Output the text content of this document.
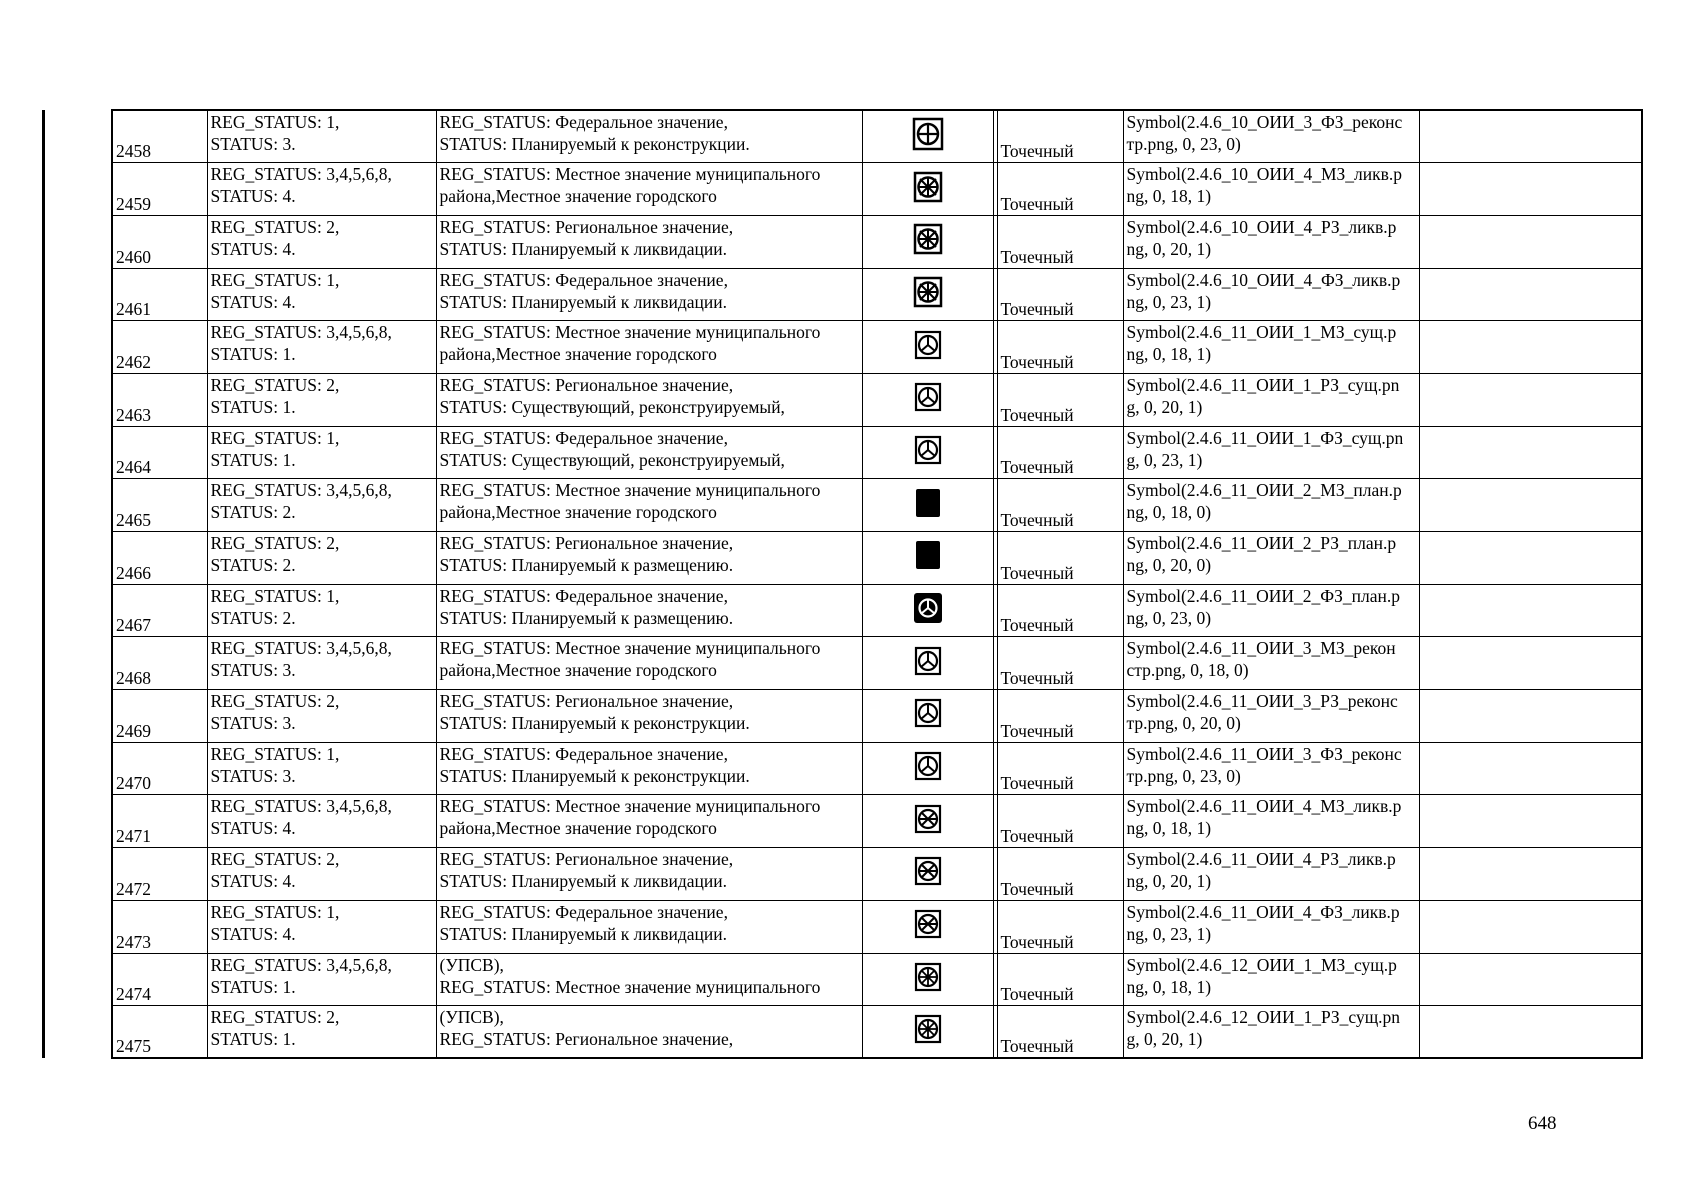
2458	REG_STATUS: 1,
STATUS: 3.	REG_STATUS: Федеральное значение,
STATUS: Планируемый к реконструкции.			Точечный	Symbol(2.4.6_10_ОИИ_3_ФЗ_реконс
тр.png, 0, 23, 0)	

2459	REG_STATUS: 3,4,5,6,8,
STATUS: 4.	REG_STATUS: Местное значение муниципального
района,Местное значение городского			Точечный	Symbol(2.4.6_10_ОИИ_4_МЗ_ликв.p
ng, 0, 18, 1)	

2460	REG_STATUS: 2,
STATUS: 4.	REG_STATUS: Региональное значение,
STATUS: Планируемый к ликвидации.			Точечный	Symbol(2.4.6_10_ОИИ_4_РЗ_ликв.p
ng, 0, 20, 1)	

2461	REG_STATUS: 1,
STATUS: 4.	REG_STATUS: Федеральное значение,
STATUS: Планируемый к ликвидации.			Точечный	Symbol(2.4.6_10_ОИИ_4_ФЗ_ликв.p
ng, 0, 23, 1)	

2462	REG_STATUS: 3,4,5,6,8,
STATUS: 1.	REG_STATUS: Местное значение муниципального
района,Местное значение городского			Точечный	Symbol(2.4.6_11_ОИИ_1_МЗ_сущ.p
ng, 0, 18, 1)	

2463	REG_STATUS: 2,
STATUS: 1.	REG_STATUS: Региональное значение,
STATUS: Существующий, реконструируемый,			Точечный	Symbol(2.4.6_11_ОИИ_1_РЗ_сущ.pn
g, 0, 20, 1)	

2464	REG_STATUS: 1,
STATUS: 1.	REG_STATUS: Федеральное значение,
STATUS: Существующий, реконструируемый,			Точечный	Symbol(2.4.6_11_ОИИ_1_ФЗ_сущ.pn
g, 0, 23, 1)	

2465	REG_STATUS: 3,4,5,6,8,
STATUS: 2.	REG_STATUS: Местное значение муниципального
района,Местное значение городского			Точечный	Symbol(2.4.6_11_ОИИ_2_МЗ_план.p
ng, 0, 18, 0)	

2466	REG_STATUS: 2,
STATUS: 2.	REG_STATUS: Региональное значение,
STATUS: Планируемый к размещению.			Точечный	Symbol(2.4.6_11_ОИИ_2_РЗ_план.p
ng, 0, 20, 0)	

2467	REG_STATUS: 1,
STATUS: 2.	REG_STATUS: Федеральное значение,
STATUS: Планируемый к размещению.			Точечный	Symbol(2.4.6_11_ОИИ_2_ФЗ_план.p
ng, 0, 23, 0)	

2468	REG_STATUS: 3,4,5,6,8,
STATUS: 3.	REG_STATUS: Местное значение муниципального
района,Местное значение городского			Точечный	Symbol(2.4.6_11_ОИИ_3_МЗ_рекон
стр.png, 0, 18, 0)	

2469	REG_STATUS: 2,
STATUS: 3.	REG_STATUS: Региональное значение,
STATUS: Планируемый к реконструкции.			Точечный	Symbol(2.4.6_11_ОИИ_3_РЗ_реконс
тр.png, 0, 20, 0)	

2470	REG_STATUS: 1,
STATUS: 3.	REG_STATUS: Федеральное значение,
STATUS: Планируемый к реконструкции.			Точечный	Symbol(2.4.6_11_ОИИ_3_ФЗ_реконс
тр.png, 0, 23, 0)	

2471	REG_STATUS: 3,4,5,6,8,
STATUS: 4.	REG_STATUS: Местное значение муниципального
района,Местное значение городского			Точечный	Symbol(2.4.6_11_ОИИ_4_МЗ_ликв.p
ng, 0, 18, 1)	

2472	REG_STATUS: 2,
STATUS: 4.	REG_STATUS: Региональное значение,
STATUS: Планируемый к ликвидации.			Точечный	Symbol(2.4.6_11_ОИИ_4_РЗ_ликв.p
ng, 0, 20, 1)	

2473	REG_STATUS: 1,
STATUS: 4.	REG_STATUS: Федеральное значение,
STATUS: Планируемый к ликвидации.			Точечный	Symbol(2.4.6_11_ОИИ_4_ФЗ_ликв.p
ng, 0, 23, 1)	

2474	REG_STATUS: 3,4,5,6,8,
STATUS: 1.	(УПСВ),
REG_STATUS: Местное значение муниципального			Точечный	Symbol(2.4.6_12_ОИИ_1_МЗ_сущ.p
ng, 0, 18, 1)	

2475	REG_STATUS: 2,
STATUS: 1.	(УПСВ),
REG_STATUS: Региональное значение,			Точечный	Symbol(2.4.6_12_ОИИ_1_РЗ_сущ.pn
g, 0, 20, 1)	

648
